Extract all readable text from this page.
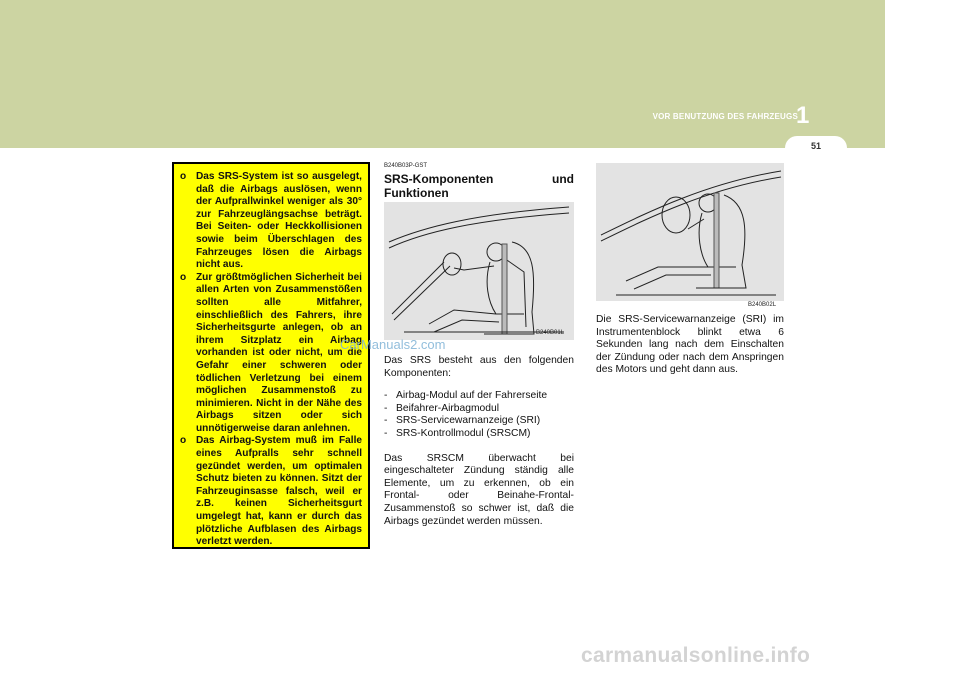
VOR BENUTZUNG DES FAHRZEUGS
1
51
o Das SRS-System ist so ausgelegt, daß die Airbags auslösen, wenn der Aufprallwinkel weniger als 30° zur Fahrzeuglängsachse beträgt. Bei Seiten- oder Heckkollisionen sowie beim Überschlagen des Fahrzeuges lösen die Airbags nicht aus.
o Zur größtmöglichen Sicherheit bei allen Arten von Zusammenstößen sollten alle Mitfahrer, einschließlich des Fahrers, ihre Sicherheitsgurte anlegen, ob an ihrem Sitzplatz ein Airbag vorhanden ist oder nicht, um die Gefahr einer schweren oder tödlichen Verletzung bei einem möglichen Zusammenstoß zu minimieren. Nicht in der Nähe des Airbags sitzen oder sich unnötigerweise daran anlehnen.
o Das Airbag-System muß im Falle eines Aufpralls sehr schnell gezündet werden, um optimalen Schutz bieten zu können. Sitzt der Fahrzeuginsasse falsch, weil er z.B. keinen Sicherheitsgurt umgelegt hat, kann er durch das plötzliche Aufblasen des Airbags verletzt werden.
B240B03P-GST
SRS-Komponenten	und
Funktionen
B240B01L
CarManuals2.com

Das SRS besteht aus den folgenden Komponenten:

- Airbag-Modul auf der Fahrerseite
- Beifahrer-Airbagmodul
- SRS-Servicewarnanzeige (SRI)
- SRS-Kontrollmodul (SRSCM)

Das SRSCM überwacht bei eingeschalteter Zündung ständig alle Elemente, um zu erkennen, ob ein Frontal- oder Beinahe-Frontal-Zusammenstoß so schwer ist, daß die Airbags gezündet werden müssen.

B240B02L
Die SRS-Servicewarnanzeige (SRI) im Instrumentenblock blinkt etwa 6 Sekunden lang nach dem Einschalten der Zündung oder nach dem Anspringen des Motors und geht dann aus.
carmanualsonline.info
